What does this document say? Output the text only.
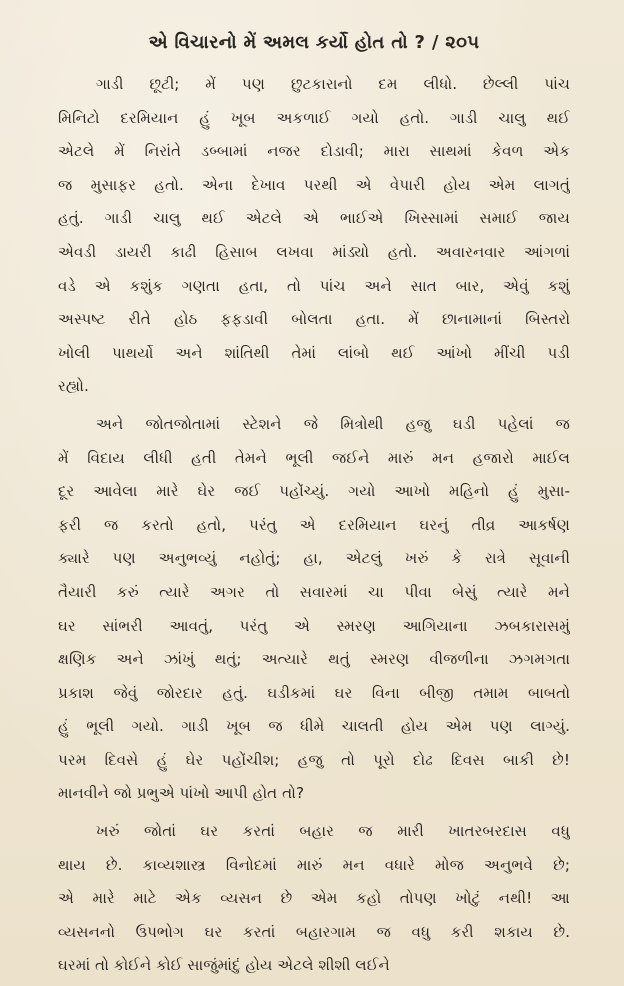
એ વિચારનો મેં અમલ કર્યો હોત તો ? / ૨૦૫
ગાડી છૂટી; મેં પણ છુટકારાનો દમ લીધો. છેલ્લી પાંચ
મિનિટો દરમિયાન હું ખૂબ અકળાઈ ગયો હતો. ગાડી ચાલુ થઈ
એટલે મેં નિરાંતે ડબ્બામાં નજર દોડાવી; મારા સાથમાં કેવળ એક
જ મુસાફર હતો. એના દેખાવ પરથી એ વેપારી હોય એમ લાગતું
હતું. ગાડી ચાલુ થઈ એટલે એ ભાઈએ ખિસ્સામાં સમાઈ જાય
એવડી ડાયરી કાઢી હિસાબ લખવા માંડ્યો હતો. અવારનવાર આંગળાં
વડે એ કશુંક ગણતા હતા, તો પાંચ અને સાત બાર, એવું કશું
અસ્પષ્ટ રીતે હોઠ ફફડાવી બોલતા હતા. મેં છાનામાનાં બિસ્તરો
ખોલી પાથર્યો અને શાંતિથી તેમાં લાંબો થઈ આંખો મીંચી પડી
રહ્યો.
અને જોતજોતામાં સ્ટેશને જે મિત્રોથી હજુ ઘડી પહેલાં જ
મેં વિદાય લીધી હતી તેમને ભૂલી જઈને મારું મન હજારો માઈલ
દૂર આવેલા મારે ઘેર જઈ પહોંચ્યું. ગયો આખો મહિનો હું મુસા-
ફરી જ કરતો હતો, પરંતુ એ દરમિયાન ઘરનું તીવ્ર આકર્ષણ
ક્યારે પણ અનુભવ્યું નહોતું; હા, એટલું ખરું કે રાત્રે સૂવાની
તૈયારી કરું ત્યારે અગર તો સવારમાં ચા પીવા બેસું ત્યારે મને
ઘર સાંભરી આવતું, પરંતુ એ સ્મરણ આગિયાના ઝબકારાસમું
ક્ષણિક અને ઝાંખું થતું; અત્યારે થતું સ્મરણ વીજળીના ઝગમગતા
પ્રકાશ જેવું જોરદાર હતું. ઘડીકમાં ઘર વિના બીજી તમામ બાબતો
હું ભૂલી ગયો. ગાડી ખૂબ જ ધીમે ચાલતી હોય એમ પણ લાગ્યું.
પરમ દિવસે હું ઘેર પહોંચીશ; હજુ તો પૂરો દોઢ દિવસ બાકી છે!
માનવીને જો પ્રભુએ પાંખો આપી હોત તો?
ખરું જોતાં ઘર કરતાં બહાર જ મારી ખાતરબરદાસ વધુ
થાય છે. કાવ્યશાસ્ત્ર વિનોદમાં મારું મન વધારે મોજ અનુભવે છે;
એ મારે માટે એક વ્યસન છે એમ કહો તોપણ ખોટું નથી! આ
વ્યસનનો ઉપભોગ ઘર કરતાં બહારગામ જ વધુ કરી શકાય છે.
ઘરમાં તો કોઈને કોઈ સાજુંમાંદું હોય એટલે શીશી લઈને
